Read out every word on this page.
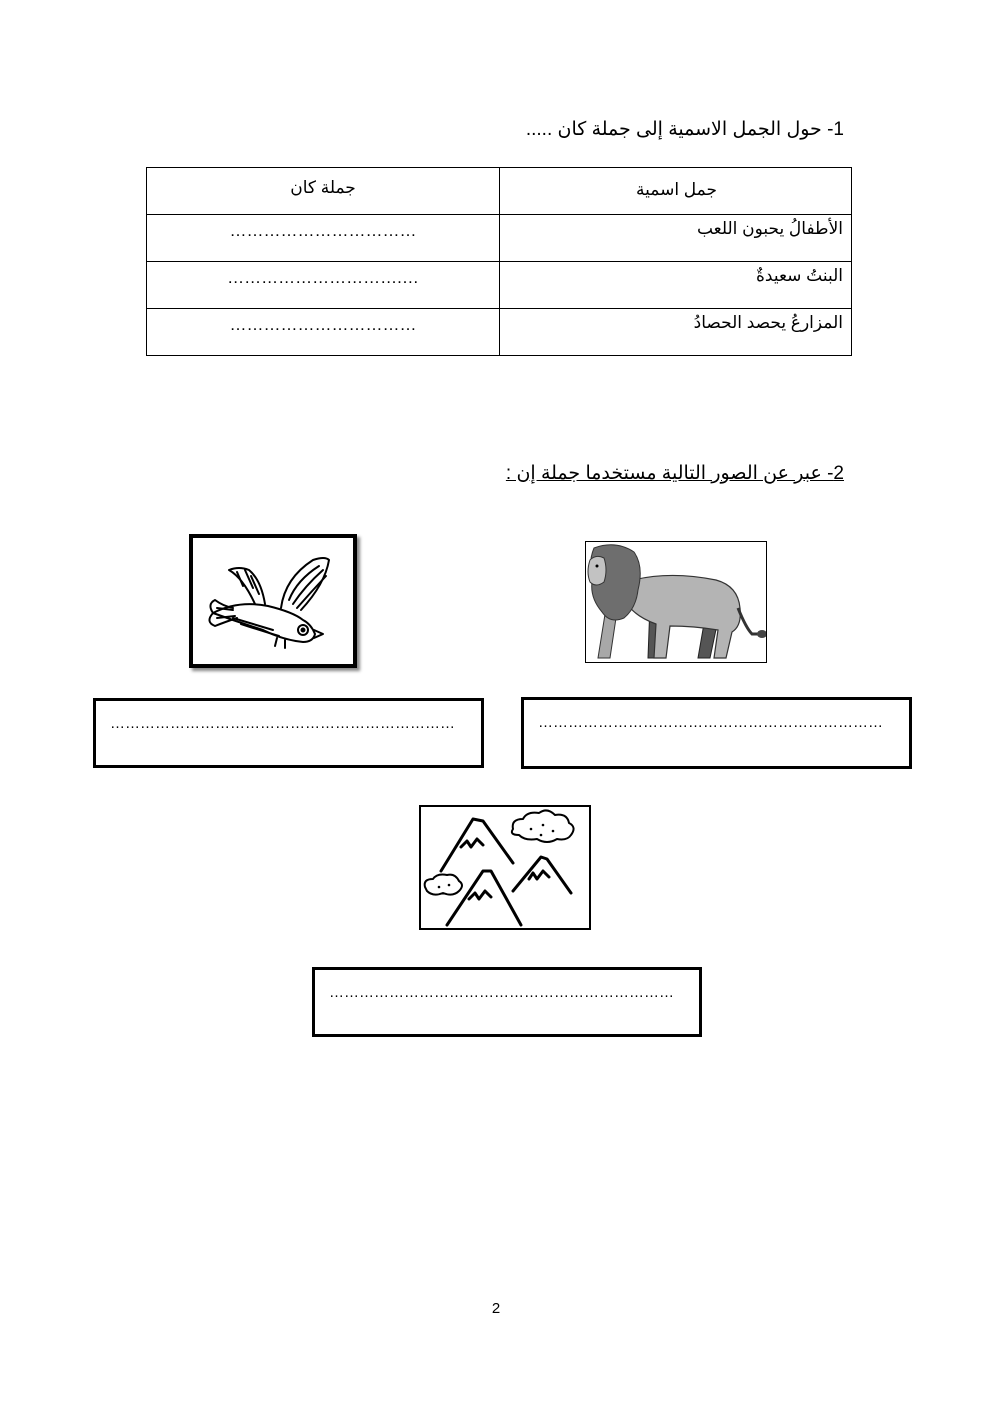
1- حول الجمل الاسمية إلى جملة كان .....
جملة كان	جمل اسمية
……………………………	الأطفالُ يحبون اللعب
………………………….…	البنتُ سعيدةٌ
……………………………	المزارعُ يحصد الحصادُ
2- عبر عن الصور التالية مستخدما جملة إن :
……………………………………………………………	……………………………………………………………
……………………………………………………………
2
